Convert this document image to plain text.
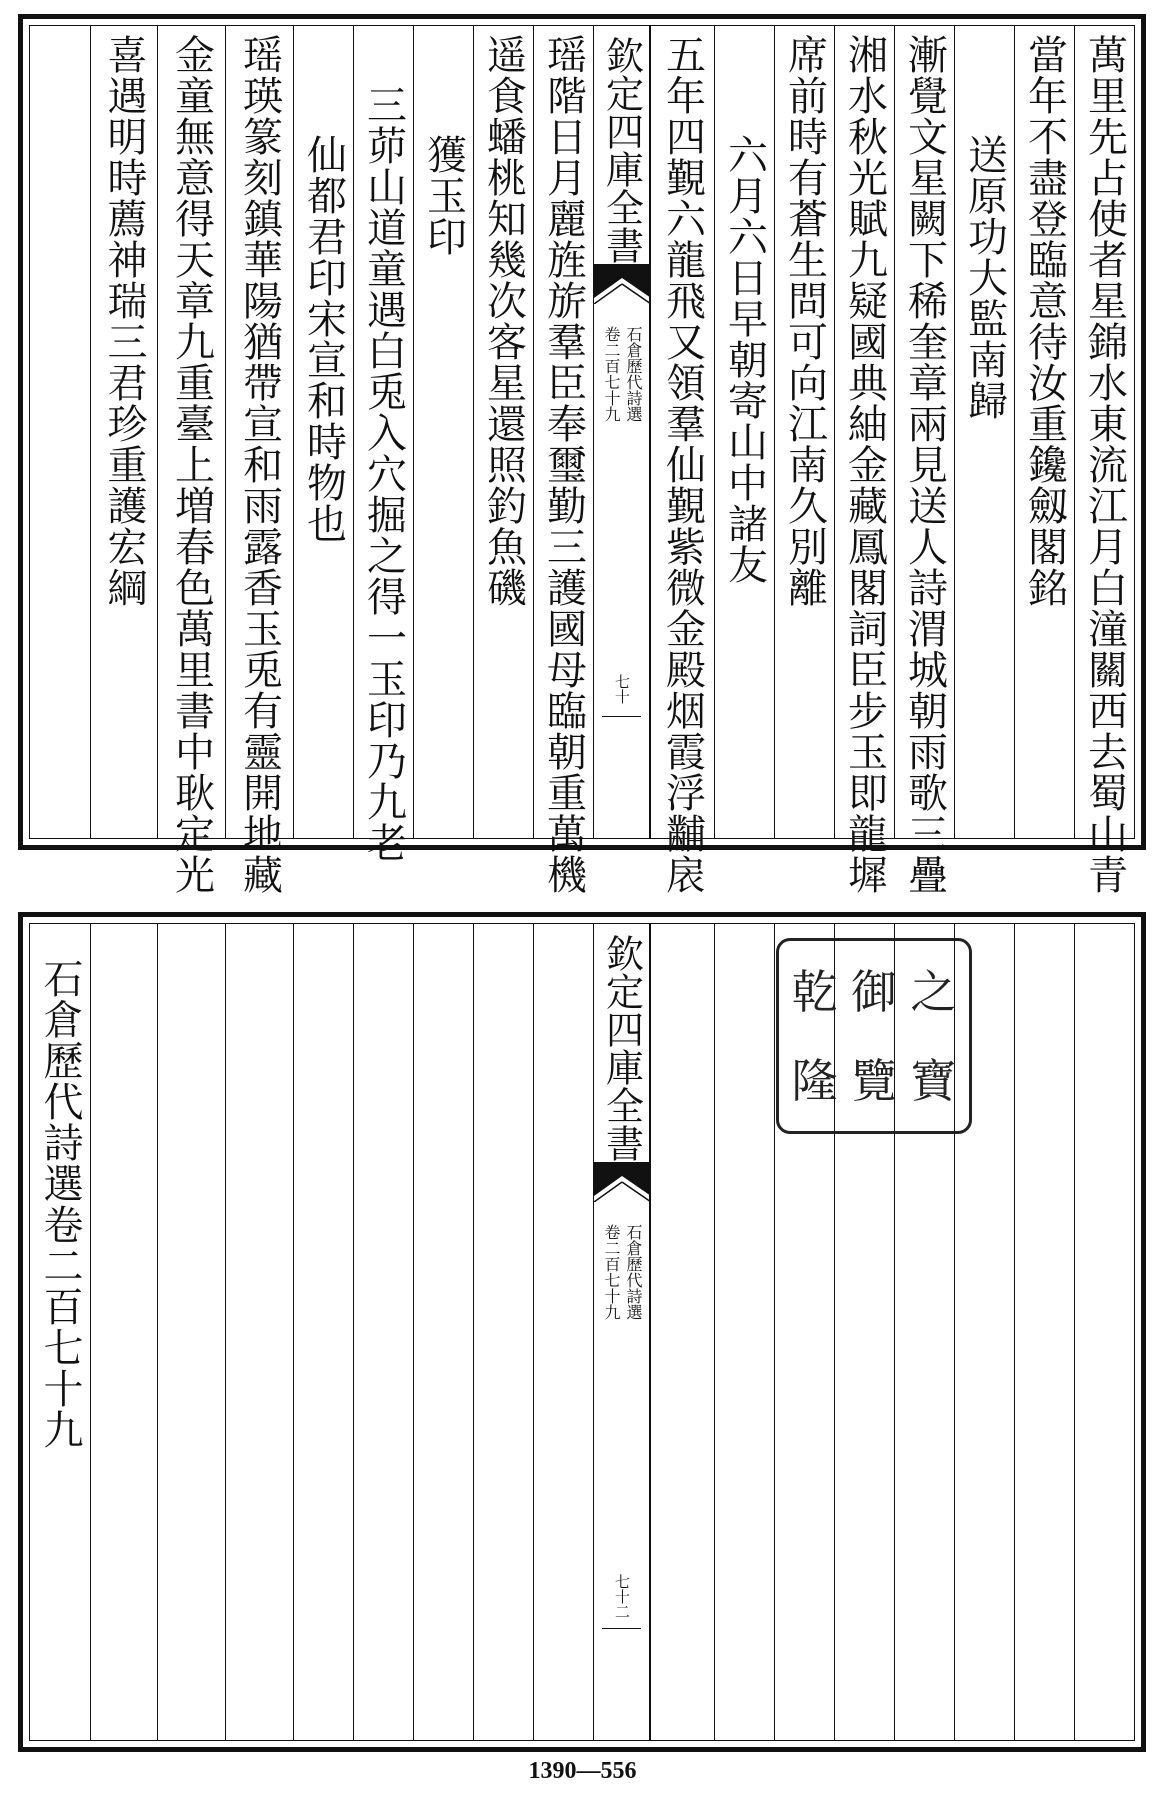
萬里先占使者星錦水東流江月白潼關西去蜀山青
當年不盡登臨意待汝重鑱劔閣銘
送原功大監南歸
漸覺文星闕下稀奎章兩見送人詩渭城朝雨歌三疊
湘水秋光賦九疑國典紬金藏鳳閣詞臣步玉即龍墀
席前時有蒼生問可向江南久別離
六月六日早朝寄山中諸友
五年四覲六龍飛又領羣仙覲紫微金殿烟霞浮黼扆
欽定四庫全書
石倉歷代詩選
卷二百七十九
七十
瑶階日月麗旌旂羣臣奉璽勤三護國母臨朝重萬機
遥食蟠桃知幾次客星還照釣魚磯
獲玉印
三茆山道童遇白兎入穴掘之得一玉印乃九老
仙都君印宋宣和時物也
瑶瑛篆刻鎮華陽猶帶宣和雨露香玉兎有靈開地藏
金童無意得天章九重臺上増春色萬里書中耿定光
喜遇明時薦神瑞三君珍重護宏綱
之
御
乾
寶
覽
隆
欽定四庫全書
石倉歷代詩選
卷二百七十九
七十二
石倉歷代詩選卷二百七十九
1390—556
